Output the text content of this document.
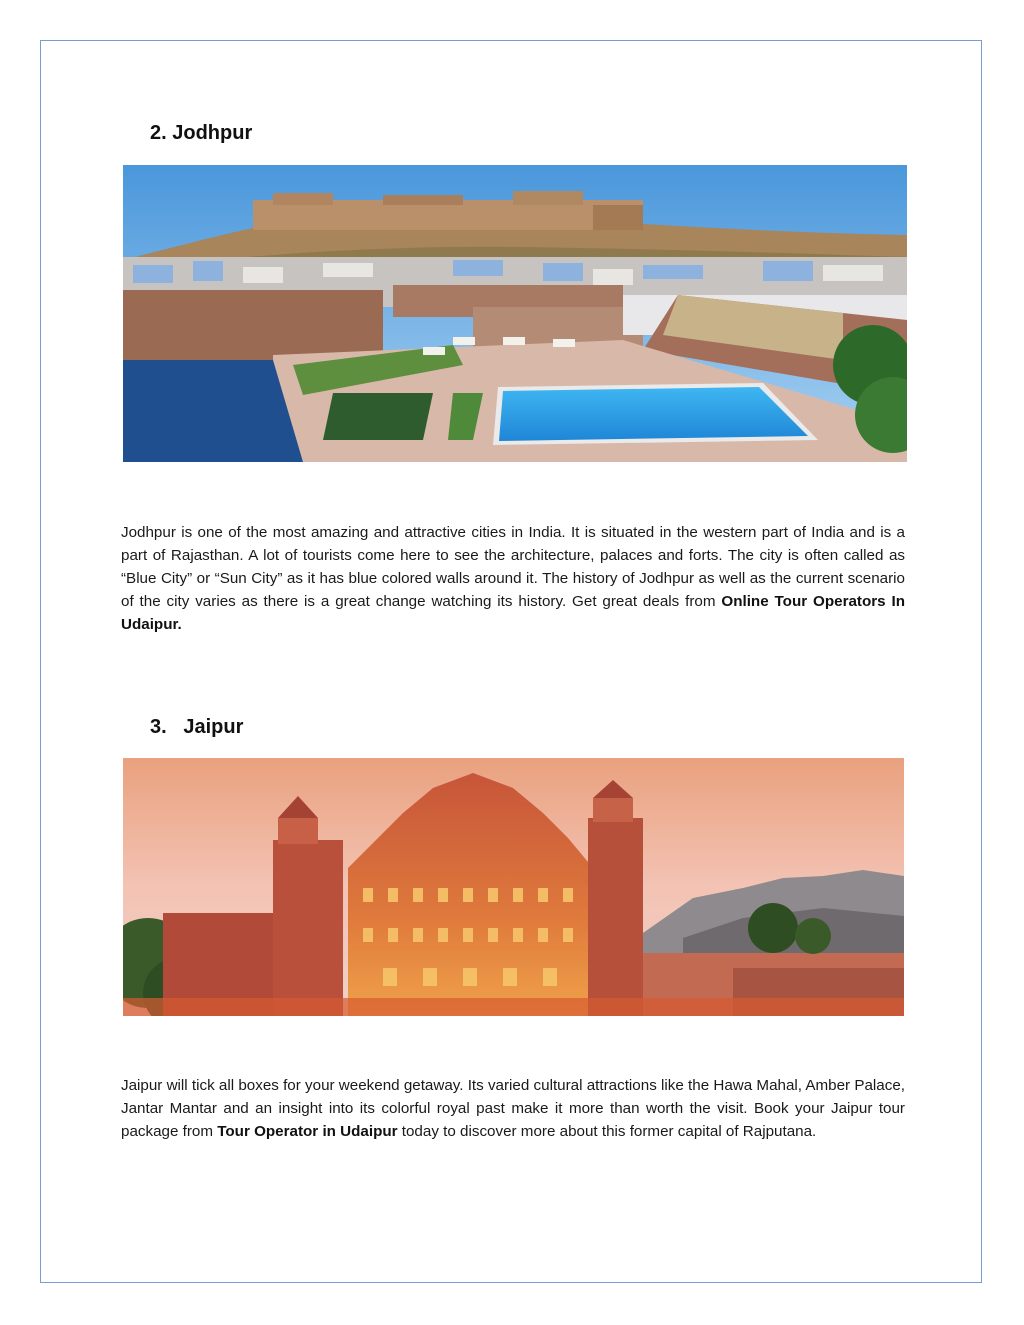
2. Jodhpur

Jodhpur is one of the most amazing and attractive cities in India. It is situated in the western part of India and is a part of Rajasthan. A lot of tourists come here to see the architecture, palaces and forts. The city is often called as “Blue City” or “Sun City” as it has blue colored walls around it. The history of Jodhpur as well as the current scenario of the city varies as there is a great change watching its history. Get great deals from Online Tour Operators In Udaipur.

3.   Jaipur

Jaipur will tick all boxes for your weekend getaway. Its varied cultural attractions like the Hawa Mahal, Amber Palace, Jantar Mantar and an insight into its colorful royal past make it more than worth the visit. Book your Jaipur tour package from Tour Operator in Udaipur today to discover more about this former capital of Rajputana.
